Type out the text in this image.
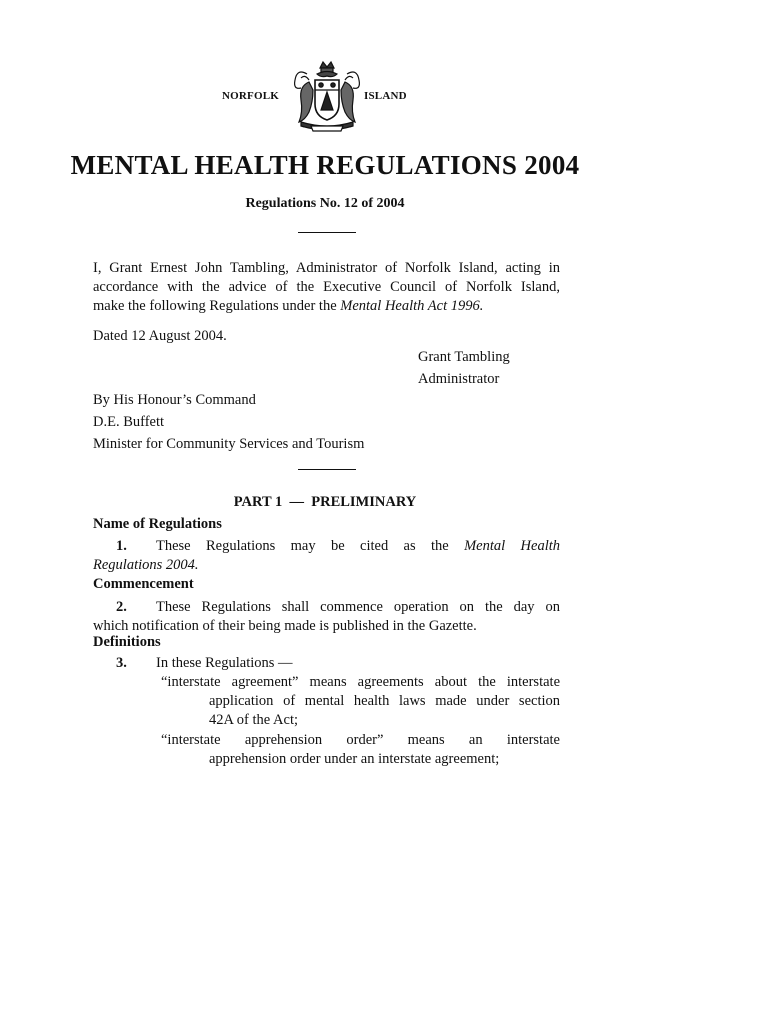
NORFOLK	ISLAND
MENTAL HEALTH REGULATIONS 2004
Regulations No. 12 of 2004
I, Grant Ernest John Tambling, Administrator of Norfolk Island, acting in
accordance with the advice of the Executive Council of Norfolk Island,
make the following Regulations under the Mental Health Act 1996.
Dated 12 August 2004.
Grant Tambling
Administrator
By His Honour’s Command
D.E. Buffett
Minister for Community Services and Tourism
PART 1 — PRELIMINARY
Name of Regulations
1. These Regulations may be cited as the Mental Health
Regulations 2004.
Commencement
2. These Regulations shall commence operation on the day on
which notification of their being made is published in the Gazette.
Definitions
3. In these Regulations —
“interstate agreement” means agreements about the interstate
application of mental health laws made under section
42A of the Act;
“interstate apprehension order” means an interstate
apprehension order under an interstate agreement;
